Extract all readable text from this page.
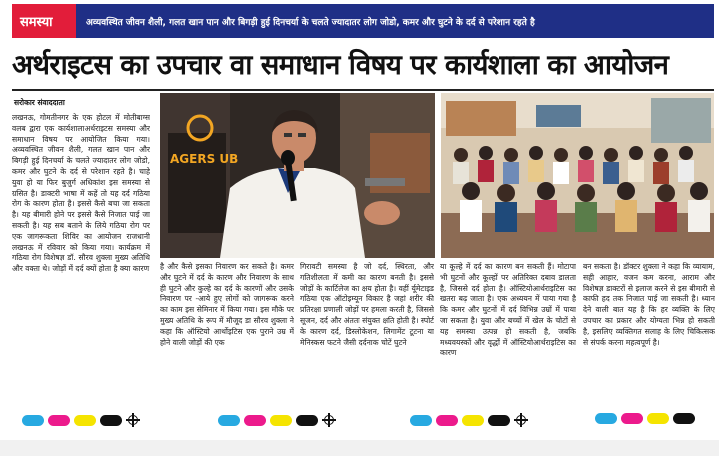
समस्या	अव्यवस्थित जीवन शैली, गलत खान पान और बिगड़ी हुई दिनचर्या के चलते ज्यादातर लोग जोडो, कमर और घुटने के दर्द से परेशान रहते है
अर्थराइटस का उपचार वा समाधान विषय पर कार्यशाला का आयोजन
सरोकार संवाददाता
लखनऊ, गोमतीनगर के एक होटल में मोतीबाग्स वलब द्वारा एक कार्यशालाअर्थराइटस समस्या और समाधान विषय पर आयोजित किया गया। अव्यवस्थित जीवन शैली, गलत खान पान और बिगड़ी हुई दिनचर्या के चलते ज्यादातर लोग जोडो, कमर और घुटने के दर्द से परेशान रहते है। चाहे युवा हो या फिर बुजुर्ग अधिकांश इस समस्या से ग्रसित है। डाक्टरी भाषा में कहें तो यह दर्द गठिया रोग के कारण होता है। इससे कैसे बचा जा सकता है। यह बीमारी होने पर इससे कैसे निजात पाई जा सकती है। यह सब बताने के लिये गठिया रोग पर एक जागरूकता शिविर का आयोजन राजधानी लखनऊ में रविवार को किया गया। कार्यक्रम में गठिया रोग विशेषज्ञ डॉ. सौरव शुक्ला मुख्य अतिथि और वक्ता थे। जोड़ों में दर्द क्यों होता है क्या कारण
AGERS UB
है और कैसे इसका निवारण कर सकते है। कमर और घुटने में दर्द के कारण और निवारण के साथ ही घुटने और कुल्हे का दर्द के कारणों और उसके निवारण पर -आये हुए लोगों को जागरूक करने का काम इस सेमिनार में किया गया। इस मौके पर मुख्य अतिथि के रूप में मौजूद डा सौरव शुक्ला ने कहा कि ऑस्टियो आर्थोइटिस एक पुराने उम्र में होने वाली जोड़ों की एक
गिरावटी समस्या है जो दर्द, स्थिरता, और गतिशीलता में कमी का कारण बनती है। इससे जोड़ों के कार्टिलेज का क्षय होता है। वहीं र्यूमेटाइड गठिया एक ऑटोइम्यून विकार है जहां शरीर की प्रतिरक्षा प्रणाली जोड़ों पर हमला करती है, जिससे सूजन, दर्द और अंततः संयुक्त क्षति होती है। स्पोर्ट के कारण दर्द, डिस्लोकेशन, लिगामेंट टूटना या मेनिस्कस फटने जैसी दर्दनाक चोटें घुटने
या कूल्हे में दर्द का कारण बन सकती हैं। मोटापा भी घुटनों और कूल्हों पर अतिरिक्त दबाव डालता है, जिससे दर्द होता है। ऑस्टियोआर्थराइटिस का खतरा बढ़ जाता है। एक अध्ययन में पाया गया है कि कमर और घुटनों में दर्द विभिन्न उम्रों में पाया जा सकता है। युवा और बच्चों में खेल के चोटों से यह समस्या उत्पन्न हो सकती है, जबकि मध्यवयस्कों और वृद्धों में ऑस्टियोआर्थराइटिस का कारण
बन सकता है। डॉक्टर शुक्ला ने कहा कि व्यायाम, सही आहार, वजन कम करना, आराम और विशेषज्ञ डाक्टरों से इलाज करने से इस बीमारी से काफी हद तक निजात पाई जा सकती है। ध्यान देने वाली बात यह है कि हर व्यक्ति के लिए उपचार का प्रकार और योग्यता भिन्न हो सकती है, इसलिए व्यक्तिगत सलाह के लिए चिकित्सक से संपर्क करना महत्वपूर्ण है।
